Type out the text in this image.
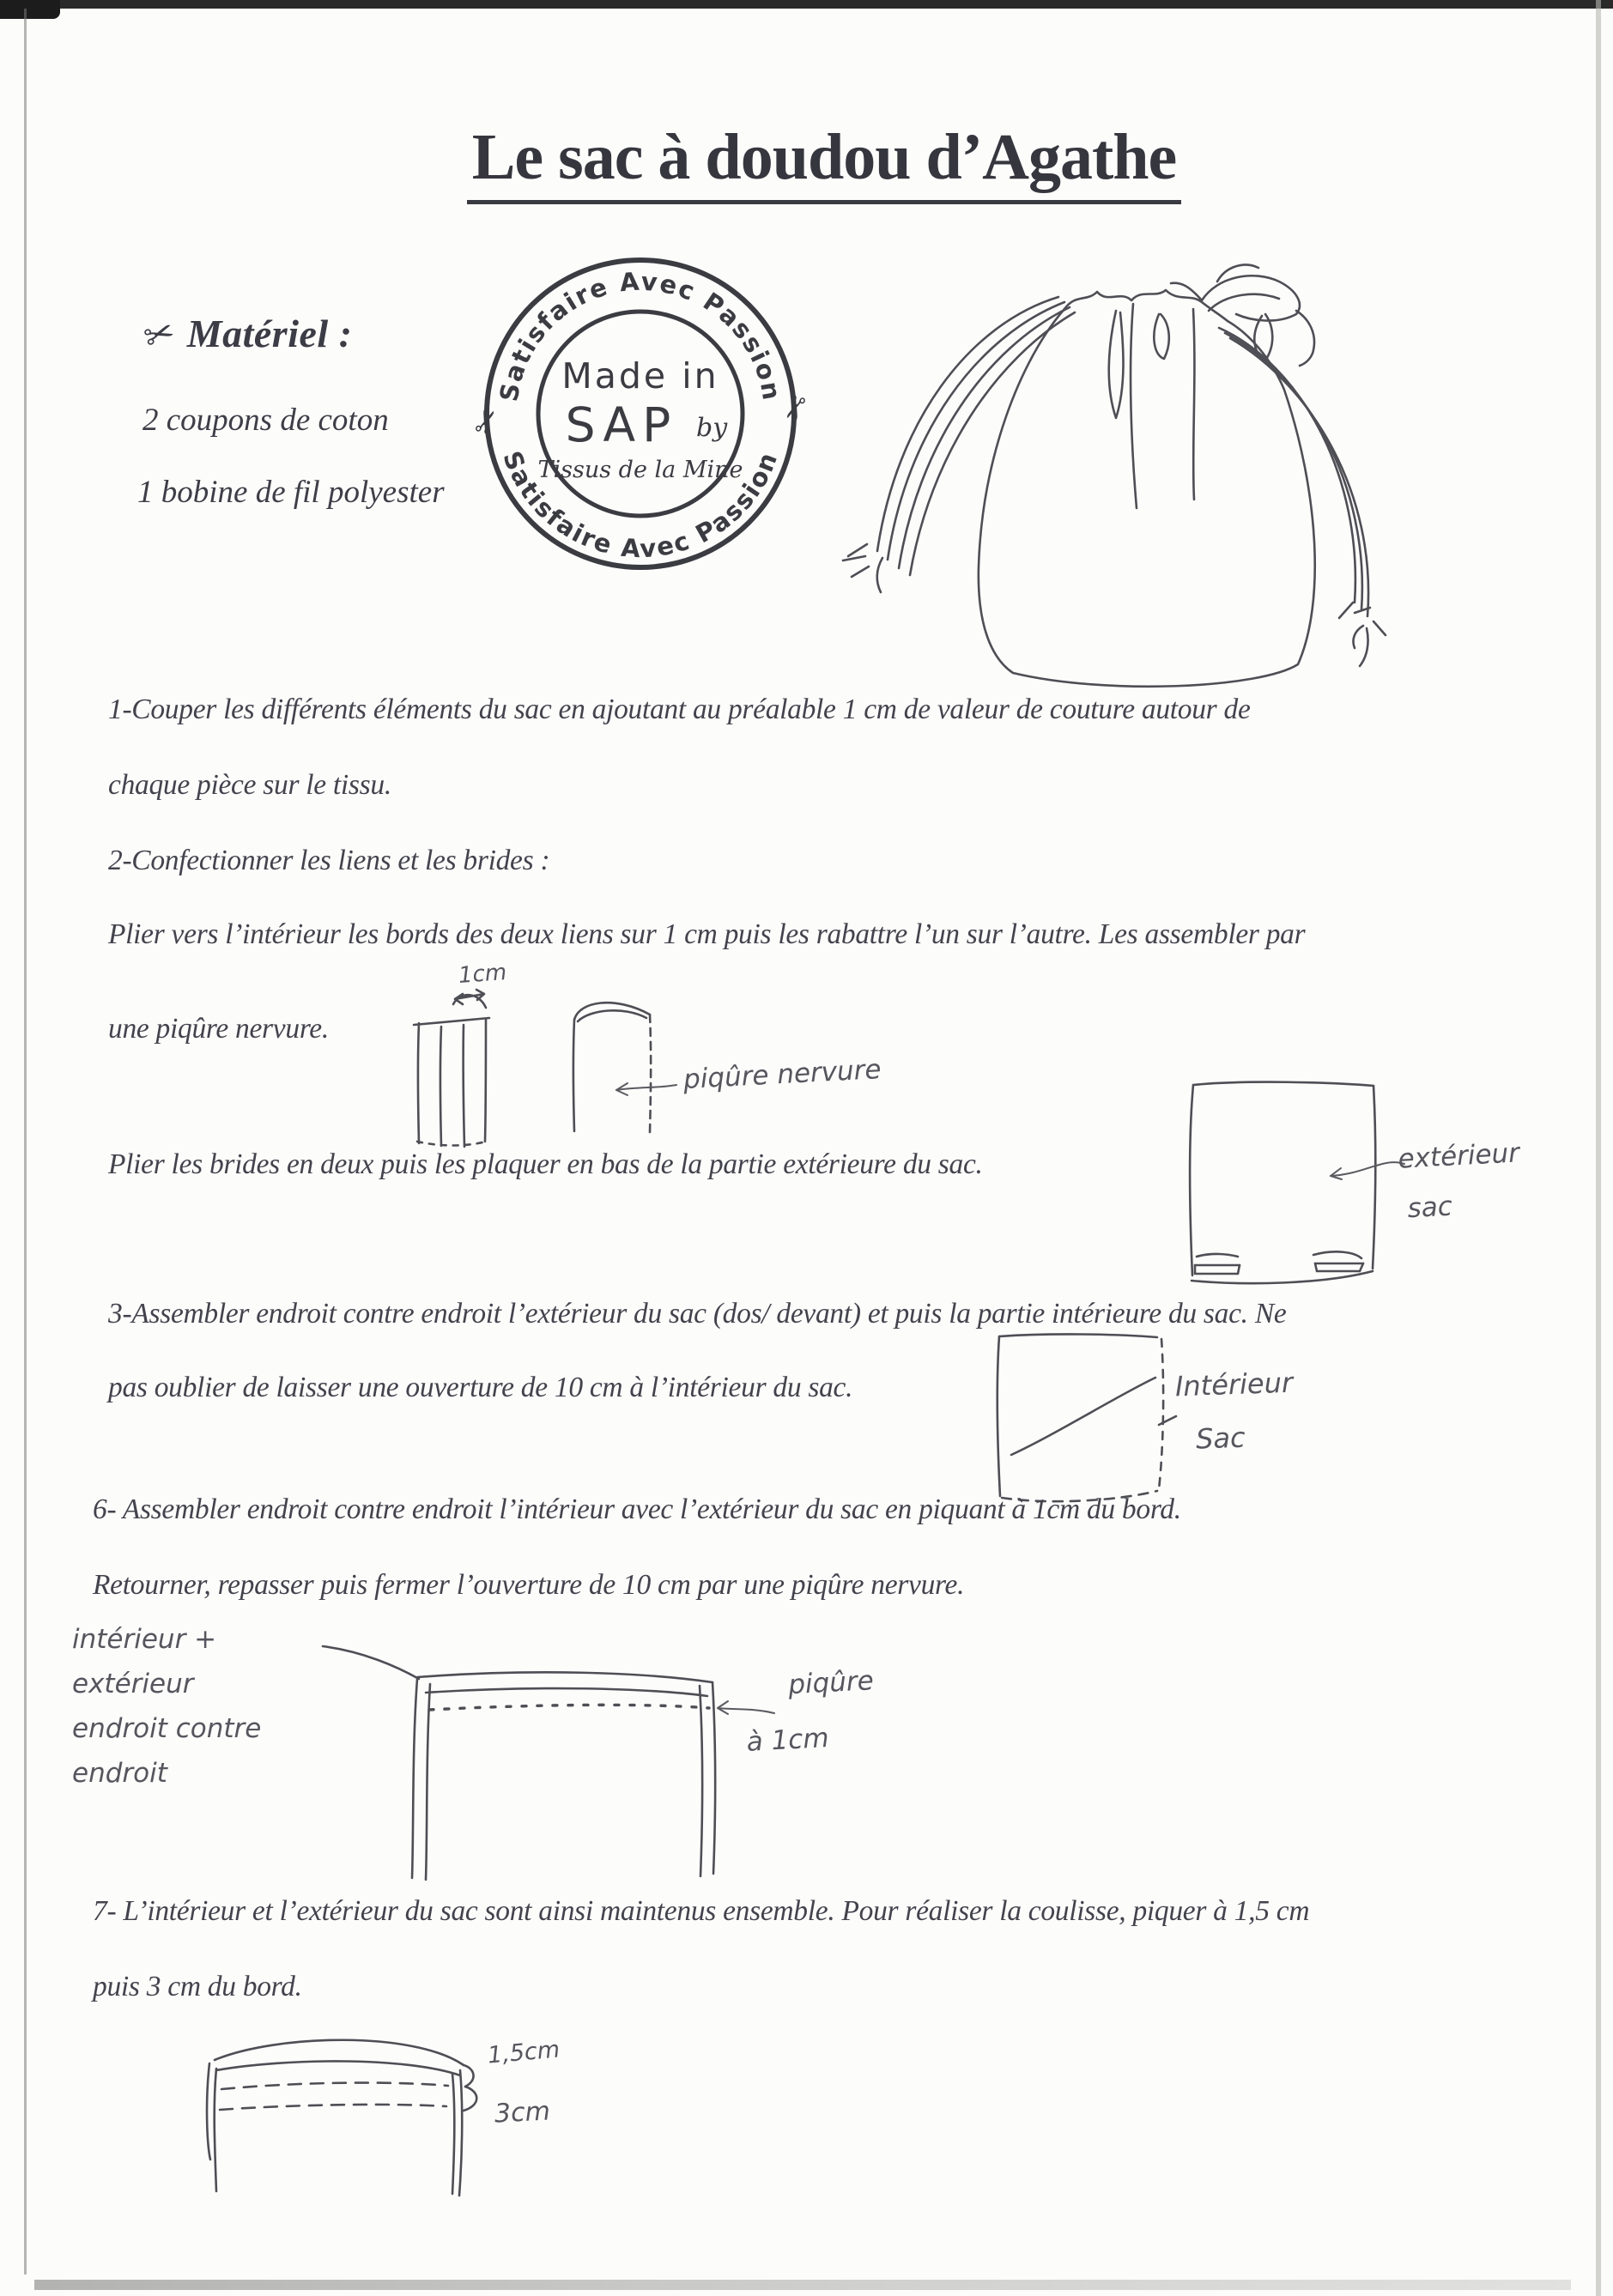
Le sac à doudou d’Agathe
✂ Matériel :
2 coupons de coton
1 bobine de fil polyester
Satisfaire Avec Passion
Satisfaire Avec Passion
✂	✂
Made in
SAP by
Tissus de la Mine
1-Couper les différents éléments du sac en ajoutant au préalable 1 cm de valeur de couture autour de
chaque pièce sur le tissu.
2-Confectionner les liens et les brides :
Plier vers l’intérieur les bords des deux liens sur 1 cm puis les rabattre l’un sur l’autre. Les assembler par
une piqûre nervure.
1cm
piqûre nervure
Plier les brides en deux puis les plaquer en bas de la partie extérieure du sac.	extérieur
sac
3-Assembler endroit contre endroit l’extérieur du sac (dos/ devant) et puis la partie intérieure du sac. Ne
pas oublier de laisser une ouverture de 10 cm à l’intérieur du sac.	Intérieur
Sac
6- Assembler endroit contre endroit l’intérieur avec l’extérieur du sac en piquant à 1cm du bord.
Retourner, repasser puis fermer l’ouverture de 10 cm par une piqûre nervure.
intérieur +
extérieur
endroit contre
endroit
piqûre
à 1cm
7- L’intérieur et l’extérieur du sac sont ainsi maintenus ensemble. Pour réaliser la coulisse, piquer à 1,5 cm
puis 3 cm du bord.
1,5cm
3cm
